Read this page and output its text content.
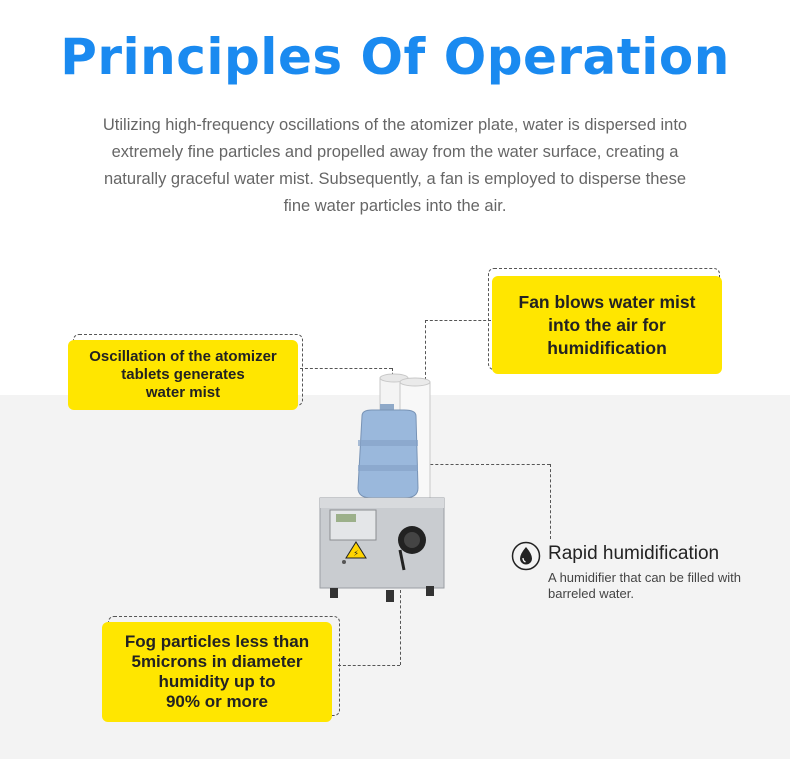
Principles Of Operation

Utilizing high-frequency oscillations of the atomizer plate, water is dispersed into extremely fine particles and propelled away from the water surface, creating a naturally graceful water mist. Subsequently, a fan is employed to disperse these fine water particles into the air.

Fan blows water mist
into the air for
humidification
Oscillation of the atomizer
tablets generates
water mist
Fog particles less than
5microns in diameter
humidity up to
90% or more
⚡	Rapid humidification
A humidifier that can be filled with barreled water.
